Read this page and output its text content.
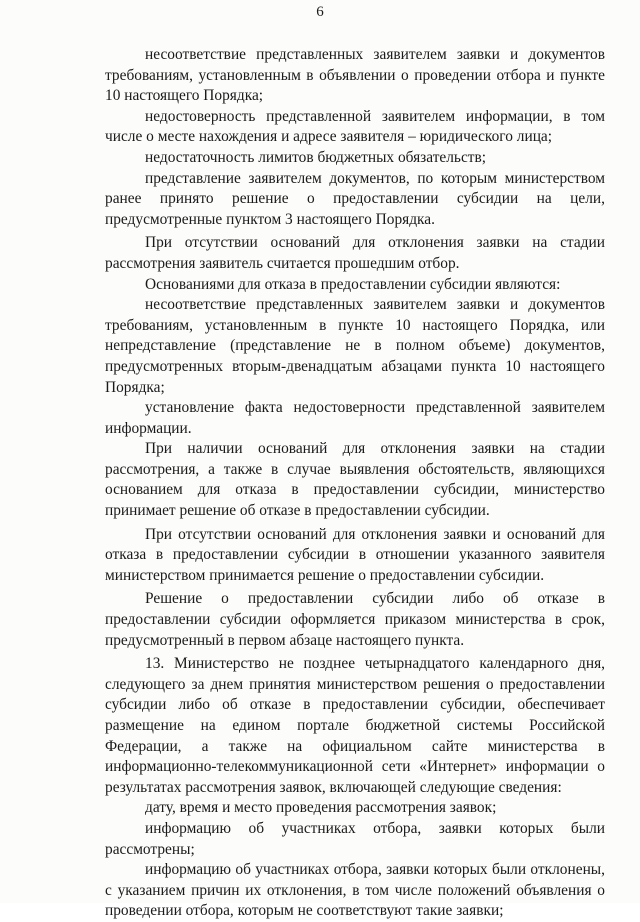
6

несоответствие представленных заявителем заявки и документов требованиям, установленным в объявлении о проведении отбора и пункте 10 настоящего Порядка;

недостоверность представленной заявителем информации, в том числе о месте нахождения и адресе заявителя – юридического лица;

недостаточность лимитов бюджетных обязательств;

представление заявителем документов, по которым министерством ранее принято решение о предоставлении субсидии на цели, предусмотренные пунктом 3 настоящего Порядка.

При отсутствии оснований для отклонения заявки на стадии рассмотрения заявитель считается прошедшим отбор.

Основаниями для отказа в предоставлении субсидии являются:

несоответствие представленных заявителем заявки и документов требованиям, установленным в пункте 10 настоящего Порядка, или непредставление (представление не в полном объеме) документов, предусмотренных вторым-двенадцатым абзацами пункта 10 настоящего Порядка;

установление факта недостоверности представленной заявителем информации.

При наличии оснований для отклонения заявки на стадии рассмотрения, а также в случае выявления обстоятельств, являющихся основанием для отказа в предоставлении субсидии, министерство принимает решение об отказе в предоставлении субсидии.

При отсутствии оснований для отклонения заявки и оснований для отказа в предоставлении субсидии в отношении указанного заявителя министерством принимается решение о предоставлении субсидии.

Решение о предоставлении субсидии либо об отказе в предоставлении субсидии оформляется приказом министерства в срок, предусмотренный в первом абзаце настоящего пункта.

13. Министерство не позднее четырнадцатого календарного дня, следующего за днем принятия министерством решения о предоставлении субсидии либо об отказе в предоставлении субсидии, обеспечивает размещение на едином портале бюджетной системы Российской Федерации, а также на официальном сайте министерства в информационно-телекоммуникационной сети «Интернет» информации о результатах рассмотрения заявок, включающей следующие сведения:

дату, время и место проведения рассмотрения заявок;

информацию об участниках отбора, заявки которых были рассмотрены;

информацию об участниках отбора, заявки которых были отклонены, с указанием причин их отклонения, в том числе положений объявления о проведении отбора, которым не соответствуют такие заявки;
